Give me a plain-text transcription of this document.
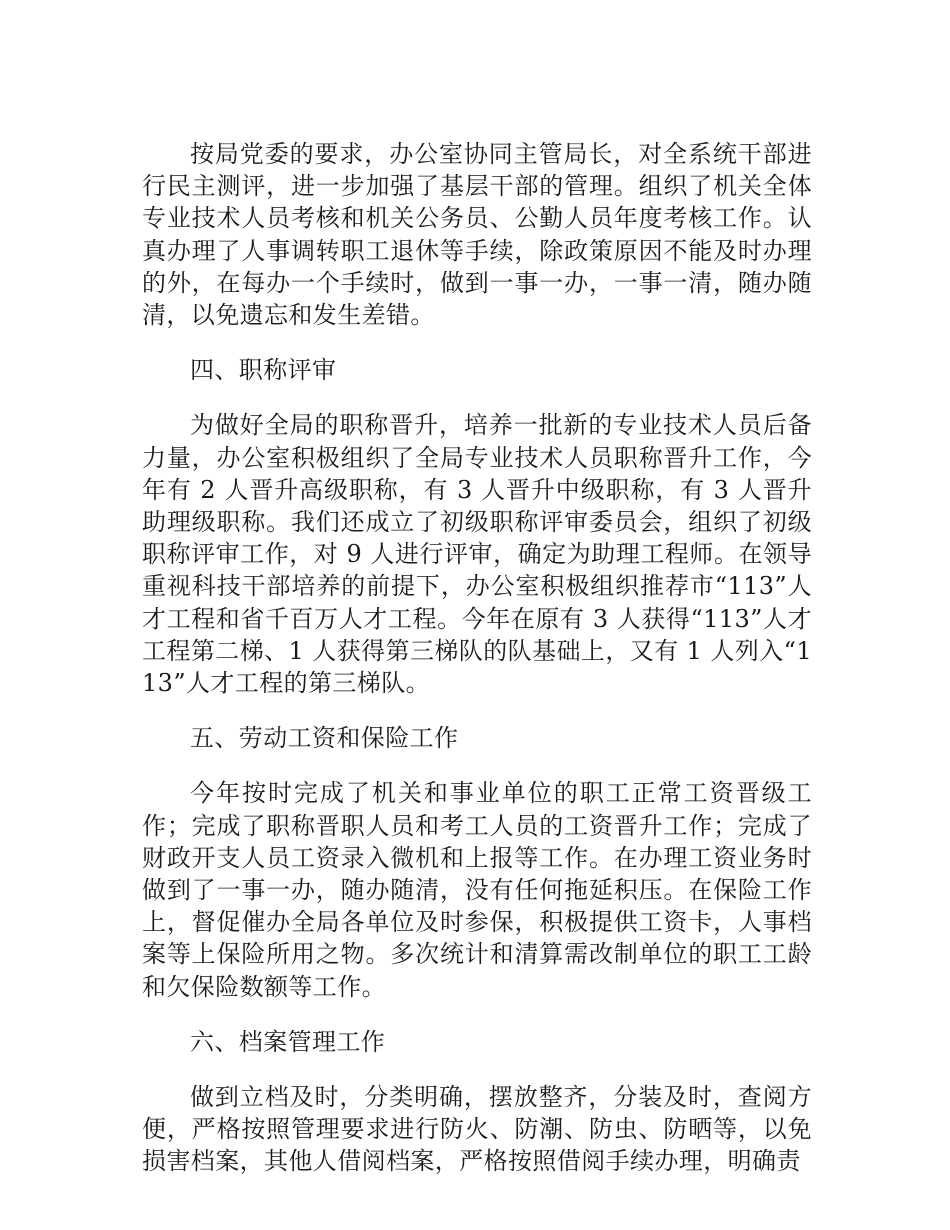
按局党委的要求，办公室协同主管局长，对全系统干部进行民主测评，进一步加强了基层干部的管理。组织了机关全体专业技术人员考核和机关公务员、公勤人员年度考核工作。认真办理了人事调转职工退休等手续，除政策原因不能及时办理的外，在每办一个手续时，做到一事一办，一事一清，随办随清，以免遗忘和发生差错。

四、职称评审

为做好全局的职称晋升，培养一批新的专业技术人员后备力量，办公室积极组织了全局专业技术人员职称晋升工作，今年有 2 人晋升高级职称，有 3 人晋升中级职称，有 3 人晋升助理级职称。我们还成立了初级职称评审委员会，组织了初级职称评审工作，对 9 人进行评审，确定为助理工程师。在领导重视科技干部培养的前提下，办公室积极组织推荐市“113”人才工程和省千百万人才工程。今年在原有 3 人获得“113”人才工程第二梯、1 人获得第三梯队的队基础上，又有 1 人列入“113”人才工程的第三梯队。

五、劳动工资和保险工作

今年按时完成了机关和事业单位的职工正常工资晋级工作；完成了职称晋职人员和考工人员的工资晋升工作；完成了财政开支人员工资录入微机和上报等工作。在办理工资业务时做到了一事一办，随办随清，没有任何拖延积压。在保险工作上，督促催办全局各单位及时参保，积极提供工资卡，人事档案等上保险所用之物。多次统计和清算需改制单位的职工工龄和欠保险数额等工作。

六、档案管理工作

做到立档及时，分类明确，摆放整齐，分装及时，查阅方便，严格按照管理要求进行防火、防潮、防虫、防晒等，以免损害档案，其他人借阅档案，严格按照借阅手续办理，明确责
